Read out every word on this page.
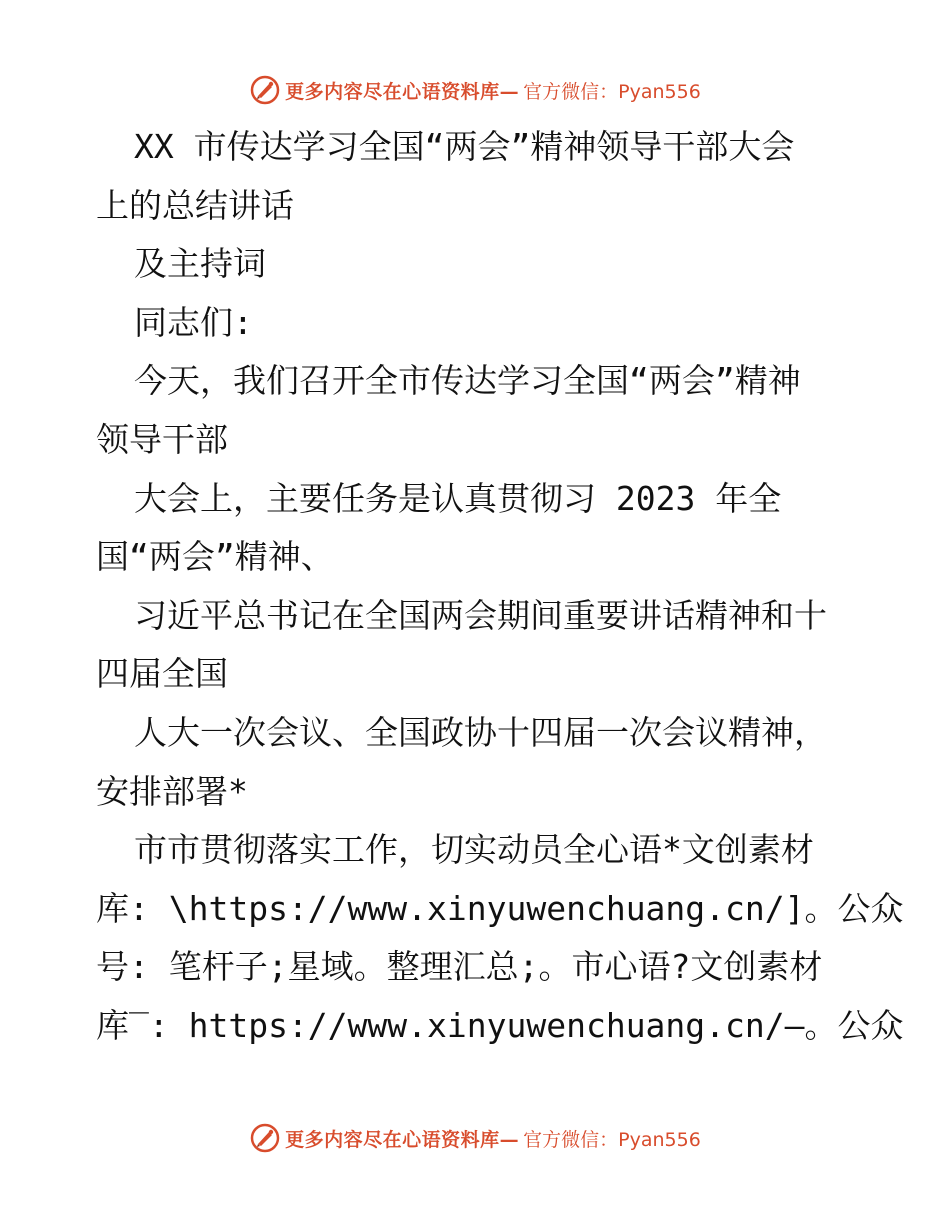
更多内容尽在心语资料库— 官方微信：Pyan556
XX 市传达学习全国“两会”精神领导干部大会
上的总结讲话
及主持词
同志们:
今天，我们召开全市传达学习全国“两会”精神
领导干部
大会上，主要任务是认真贯彻习 2023 年全
国“两会”精神、
习近平总书记在全国两会期间重要讲话精神和十
四届全国
人大一次会议、全国政协十四届一次会议精神，
安排部署*
市市贯彻落实工作，切实动员全心语*文创素材
库: \https://www.xinyuwenchuang.cn/]。公众
号: 笔杆子;星域。整理汇总;。市心语?文创素材
库‾: https://www.xinyuwenchuang.cn/—。公众
更多内容尽在心语资料库— 官方微信：Pyan556
